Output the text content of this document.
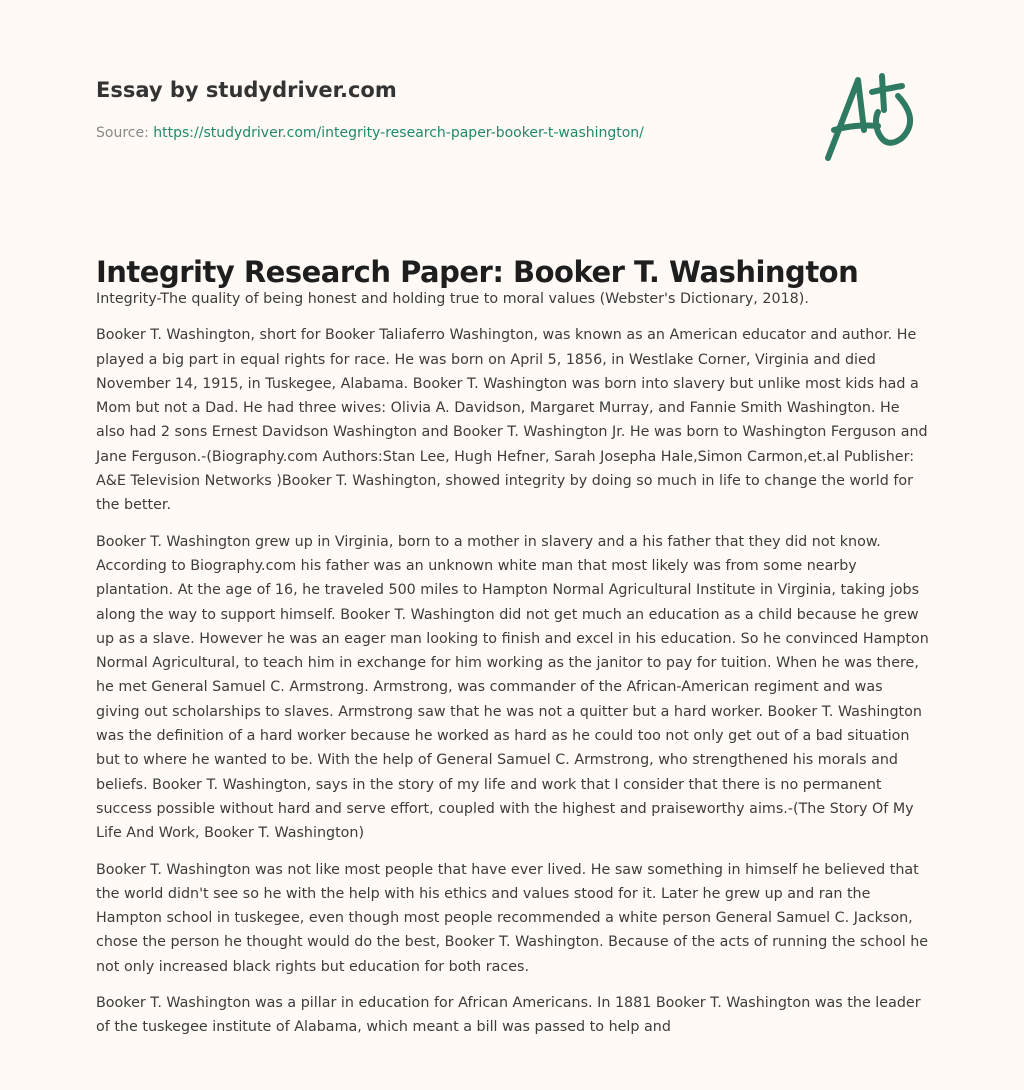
Essay by studydriver.com
Source: https://studydriver.com/integrity-research-paper-booker-t-washington/
Integrity Research Paper: Booker T. Washington

Integrity-The quality of being honest and holding true to moral values (Webster's Dictionary, 2018).

Booker T. Washington, short for Booker Taliaferro Washington, was known as an American educator and author. He played a big part in equal rights for race. He was born on April 5, 1856, in Westlake Corner, Virginia and died November 14, 1915, in Tuskegee, Alabama. Booker T. Washington was born into slavery but unlike most kids had a Mom but not a Dad. He had three wives: Olivia A. Davidson, Margaret Murray, and Fannie Smith Washington. He also had 2 sons Ernest Davidson Washington and Booker T. Washington Jr. He was born to Washington Ferguson and Jane Ferguson.-(Biography.com Authors:Stan Lee, Hugh Hefner, Sarah Josepha Hale,Simon Carmon,et.al Publisher: A&E Television Networks )Booker T. Washington, showed integrity by doing so much in life to change the world for the better.

Booker T. Washington grew up in Virginia, born to a mother in slavery and a his father that they did not know. According to Biography.com his father was an unknown white man that most likely was from some nearby plantation. At the age of 16, he traveled 500 miles to Hampton Normal Agricultural Institute in Virginia, taking jobs along the way to support himself. Booker T. Washington did not get much an education as a child because he grew up as a slave. However he was an eager man looking to finish and excel in his education. So he convinced Hampton Normal Agricultural, to teach him in exchange for him working as the janitor to pay for tuition. When he was there, he met General Samuel C. Armstrong. Armstrong, was commander of the African-American regiment and was giving out scholarships to slaves. Armstrong saw that he was not a quitter but a hard worker. Booker T. Washington was the definition of a hard worker because he worked as hard as he could too not only get out of a bad situation but to where he wanted to be. With the help of General Samuel C. Armstrong, who strengthened his morals and beliefs. Booker T. Washington, says in the story of my life and work that I consider that there is no permanent success possible without hard and serve effort, coupled with the highest and praiseworthy aims.-(The Story Of My Life And Work, Booker T. Washington)

Booker T. Washington was not like most people that have ever lived. He saw something in himself he believed that the world didn't see so he with the help with his ethics and values stood for it. Later he grew up and ran the Hampton school in tuskegee, even though most people recommended a white person General Samuel C. Jackson, chose the person he thought would do the best, Booker T. Washington. Because of the acts of running the school he not only increased black rights but education for both races.

Booker T. Washington was a pillar in education for African Americans. In 1881 Booker T. Washington was the leader of the tuskegee institute of Alabama, which meant a bill was passed to help and
